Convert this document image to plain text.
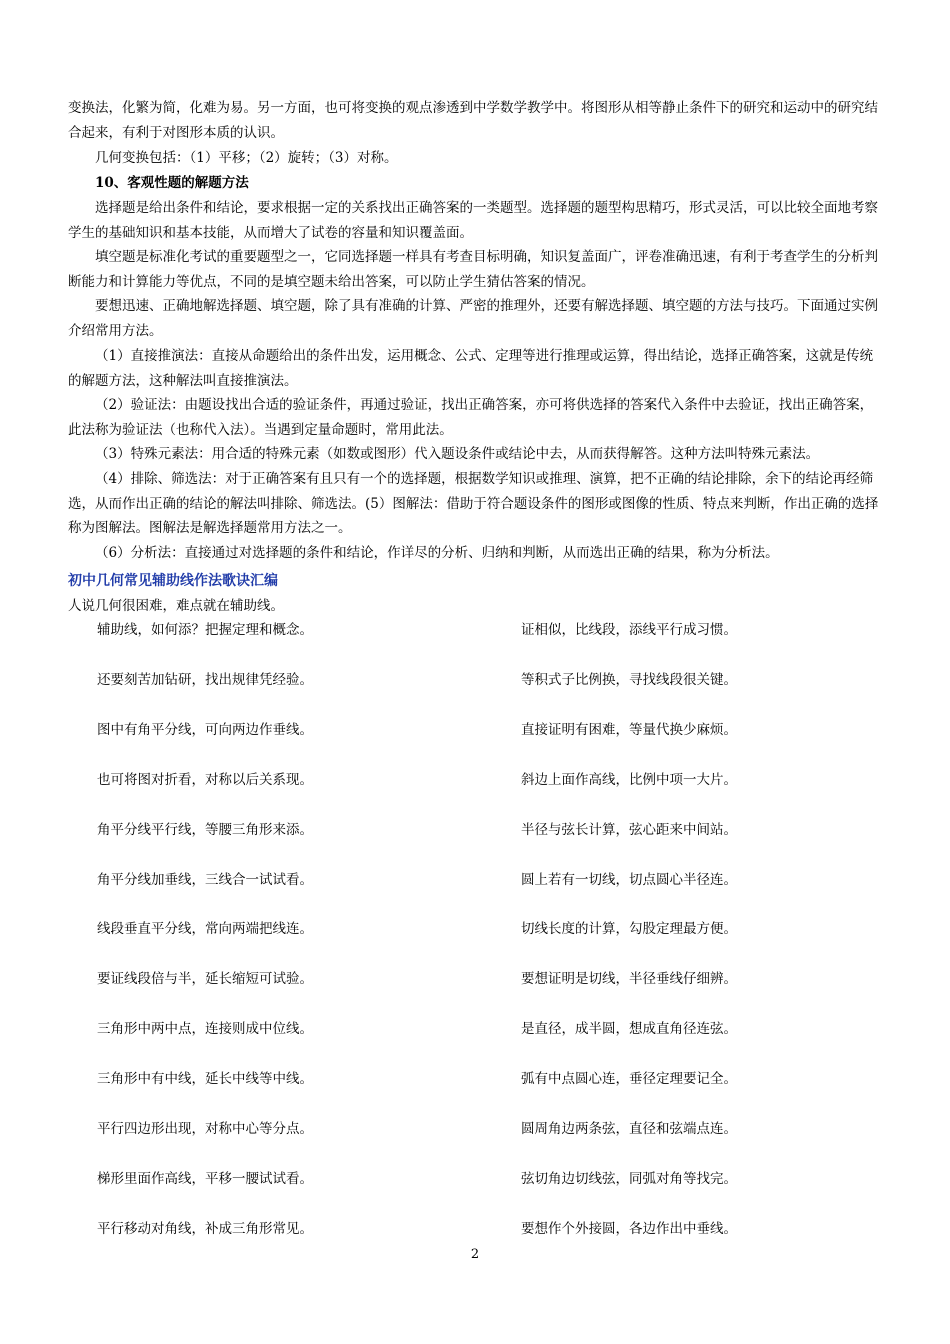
变换法，化繁为简，化难为易。另一方面，也可将变换的观点渗透到中学数学教学中。将图形从相等静止条件下的研究和运动中的研究结合起来，有利于对图形本质的认识。

几何变换包括：（1）平移；（2）旋转；（3）对称。

10、客观性题的解题方法

选择题是给出条件和结论，要求根据一定的关系找出正确答案的一类题型。选择题的题型构思精巧，形式灵活，可以比较全面地考察学生的基础知识和基本技能，从而增大了试卷的容量和知识覆盖面。

填空题是标准化考试的重要题型之一，它同选择题一样具有考查目标明确，知识复盖面广，评卷准确迅速，有利于考查学生的分析判断能力和计算能力等优点，不同的是填空题未给出答案，可以防止学生猜估答案的情况。

要想迅速、正确地解选择题、填空题，除了具有准确的计算、严密的推理外，还要有解选择题、填空题的方法与技巧。下面通过实例介绍常用方法。

（1）直接推演法：直接从命题给出的条件出发，运用概念、公式、定理等进行推理或运算，得出结论，选择正确答案，这就是传统的解题方法，这种解法叫直接推演法。

（2）验证法：由题设找出合适的验证条件，再通过验证，找出正确答案，亦可将供选择的答案代入条件中去验证，找出正确答案，此法称为验证法（也称代入法）。当遇到定量命题时，常用此法。

（3）特殊元素法：用合适的特殊元素（如数或图形）代入题设条件或结论中去，从而获得解答。这种方法叫特殊元素法。

（4）排除、筛选法：对于正确答案有且只有一个的选择题，根据数学知识或推理、演算，把不正确的结论排除，余下的结论再经筛选，从而作出正确的结论的解法叫排除、筛选法。(5）图解法：借助于符合题设条件的图形或图像的性质、特点来判断，作出正确的选择称为图解法。图解法是解选择题常用方法之一。

（6）分析法：直接通过对选择题的条件和结论，作详尽的分析、归纳和判断，从而选出正确的结果，称为分析法。

初中几何常见辅助线作法歌诀汇编

人说几何很困难，难点就在辅助线。

辅助线，如何添？把握定理和概念。
还要刻苦加钻研，找出规律凭经验。
图中有角平分线，可向两边作垂线。
也可将图对折看，对称以后关系现。
角平分线平行线，等腰三角形来添。
角平分线加垂线，三线合一试试看。
线段垂直平分线，常向两端把线连。
要证线段倍与半，延长缩短可试验。
三角形中两中点，连接则成中位线。
三角形中有中线，延长中线等中线。
平行四边形出现，对称中心等分点。
梯形里面作高线，平移一腰试试看。
平行移动对角线，补成三角形常见。
证相似，比线段，添线平行成习惯。
等积式子比例换，寻找线段很关键。
直接证明有困难，等量代换少麻烦。
斜边上面作高线，比例中项一大片。
半径与弦长计算，弦心距来中间站。
圆上若有一切线，切点圆心半径连。
切线长度的计算，勾股定理最方便。
要想证明是切线，半径垂线仔细辨。
是直径，成半圆，想成直角径连弦。
弧有中点圆心连，垂径定理要记全。
圆周角边两条弦，直径和弦端点连。
弦切角边切线弦，同弧对角等找完。
要想作个外接圆，各边作出中垂线。
2
